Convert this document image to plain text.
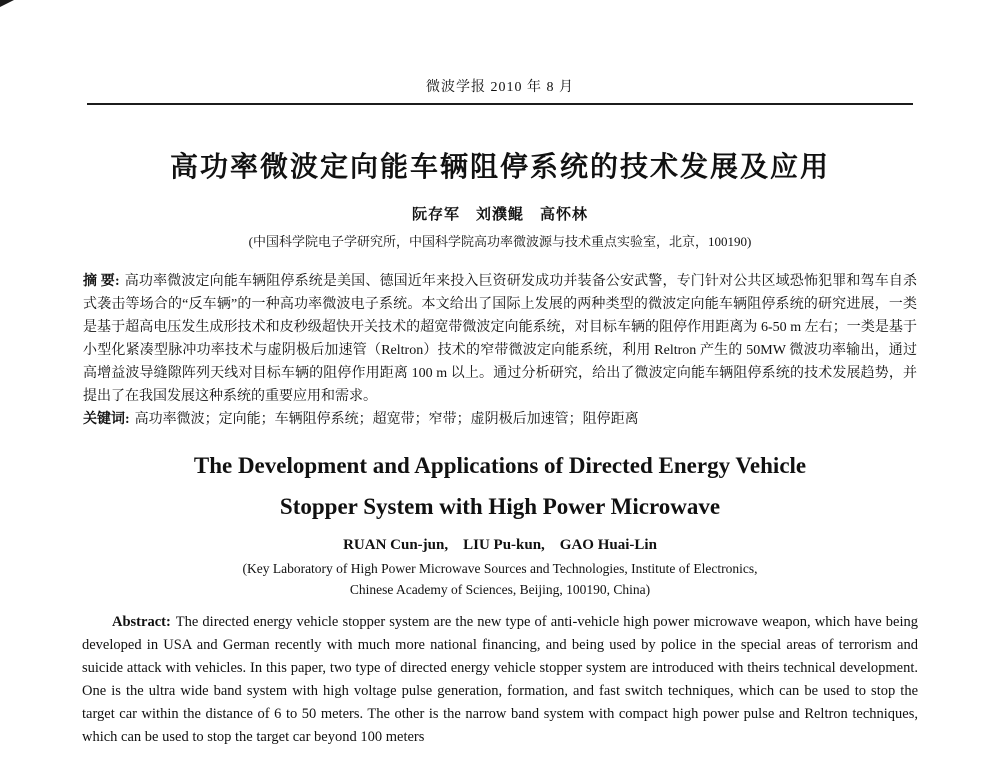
微波学报 2010 年 8 月
高功率微波定向能车辆阻停系统的技术发展及应用
阮存军　刘濮鲲　高怀林
(中国科学院电子学研究所，中国科学院高功率微波源与技术重点实验室，北京，100190)

摘 要: 高功率微波定向能车辆阻停系统是美国、德国近年来投入巨资研发成功并装备公安武警，专门针对公共区域恐怖犯罪和驾车自杀式袭击等场合的“反车辆”的一种高功率微波电子系统。本文给出了国际上发展的两种类型的微波定向能车辆阻停系统的研究进展，一类是基于超高电压发生成形技术和皮秒级超快开关技术的超宽带微波定向能系统，对目标车辆的阻停作用距离为 6-50 m 左右；一类是基于小型化紧凑型脉冲功率技术与虚阴极后加速管（Reltron）技术的窄带微波定向能系统，利用 Reltron 产生的 50MW 微波功率输出，通过高增益波导缝隙阵列天线对目标车辆的阻停作用距离 100 m 以上。通过分析研究，给出了微波定向能车辆阻停系统的技术发展趋势，并提出了在我国发展这种系统的重要应用和需求。

关键词: 高功率微波；定向能；车辆阻停系统；超宽带；窄带；虚阴极后加速管；阻停距离

The Development and Applications of Directed Energy Vehicle
Stopper System with High Power Microwave
RUAN Cun-jun,　LIU Pu-kun,　GAO Huai-Lin
(Key Laboratory of High Power Microwave Sources and Technologies, Institute of Electronics,
Chinese Academy of Sciences, Beijing, 100190, China)

Abstract: The directed energy vehicle stopper system are the new type of anti-vehicle high power microwave weapon, which have being developed in USA and German recently with much more national financing, and being used by police in the special areas of terrorism and suicide attack with vehicles. In this paper, two type of directed energy vehicle stopper system are introduced with theirs technical development. One is the ultra wide band system with high voltage pulse generation, formation, and fast switch techniques, which can be used to stop the target car within the distance of 6 to 50 meters. The other is the narrow band system with compact high power pulse and Reltron techniques, which can be used to stop the target car beyond 100 meters
